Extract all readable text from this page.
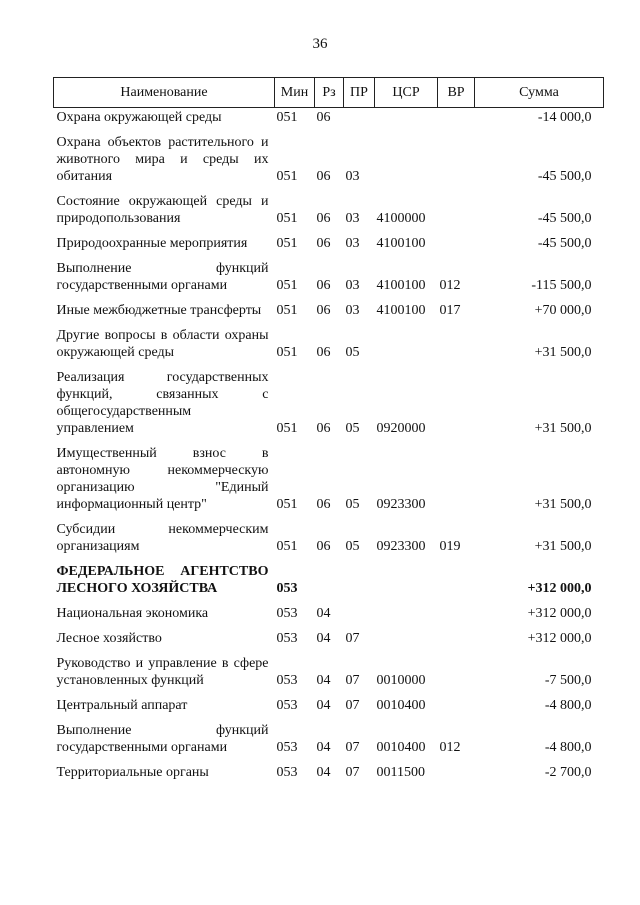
36
Наименование	Мин	Рз	ПР	ЦСР	ВР	Сумма
Охрана окружающей среды	051	06				-14 000,0
Охрана объектов растительного и животного мира и среды их обитания	051	06	03			-45 500,0
Состояние окружающей среды и природопользования	051	06	03	4100000		-45 500,0
Природоохранные мероприятия	051	06	03	4100100		-45 500,0
Выполнение функций государственными органами	051	06	03	4100100	012	-115 500,0
Иные межбюджетные трансферты	051	06	03	4100100	017	+70 000,0
Другие вопросы в области охраны окружающей среды	051	06	05			+31 500,0
Реализация государственных функций, связанных с общегосударственным управлением	051	06	05	0920000		+31 500,0
Имущественный взнос в автономную некоммерческую организацию "Единый информационный центр"	051	06	05	0923300		+31 500,0
Субсидии некоммерческим организациям	051	06	05	0923300	019	+31 500,0
ФЕДЕРАЛЬНОЕ АГЕНТСТВО ЛЕСНОГО ХОЗЯЙСТВА	053					+312 000,0
Национальная экономика	053	04				+312 000,0
Лесное хозяйство	053	04	07			+312 000,0
Руководство и управление в сфере установленных функций	053	04	07	0010000		-7 500,0
Центральный аппарат	053	04	07	0010400		-4 800,0
Выполнение функций государственными органами	053	04	07	0010400	012	-4 800,0
Территориальные органы	053	04	07	0011500		-2 700,0
